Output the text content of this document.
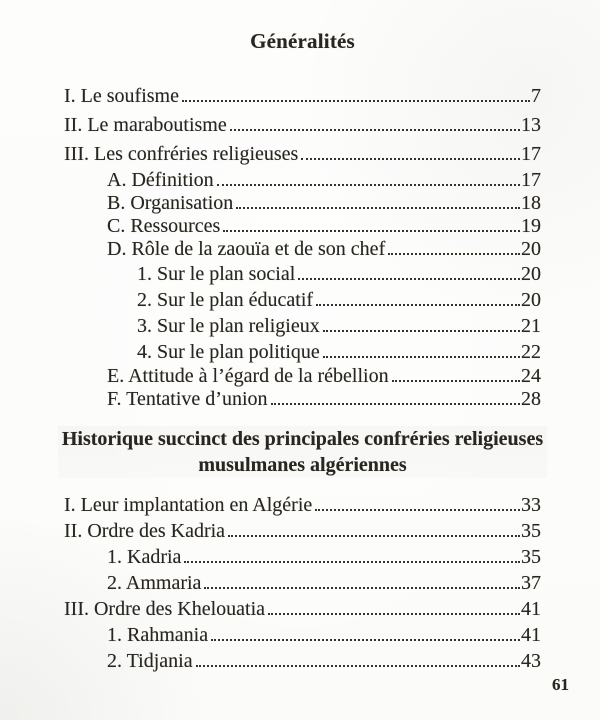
Généralités
I. Le soufisme	7
II. Le maraboutisme	13
III. Les confréries religieuses	17
A. Définition	17
B. Organisation	18
C. Ressources	19
D. Rôle de la zaouïa et de son chef	20
1. Sur le plan social	20
2. Sur le plan éducatif	20
3. Sur le plan religieux	21
4. Sur le plan politique	22
E. Attitude à l’égard de la rébellion	24
F. Tentative d’union	28
Historique succinct des principales confréries religieuses
musulmanes algériennes
I. Leur implantation en Algérie	33
II. Ordre des Kadria	35
1. Kadria	35
2. Ammaria	37
III. Ordre des Khelouatia	41
1. Rahmania	41
2. Tidjania	43
61
